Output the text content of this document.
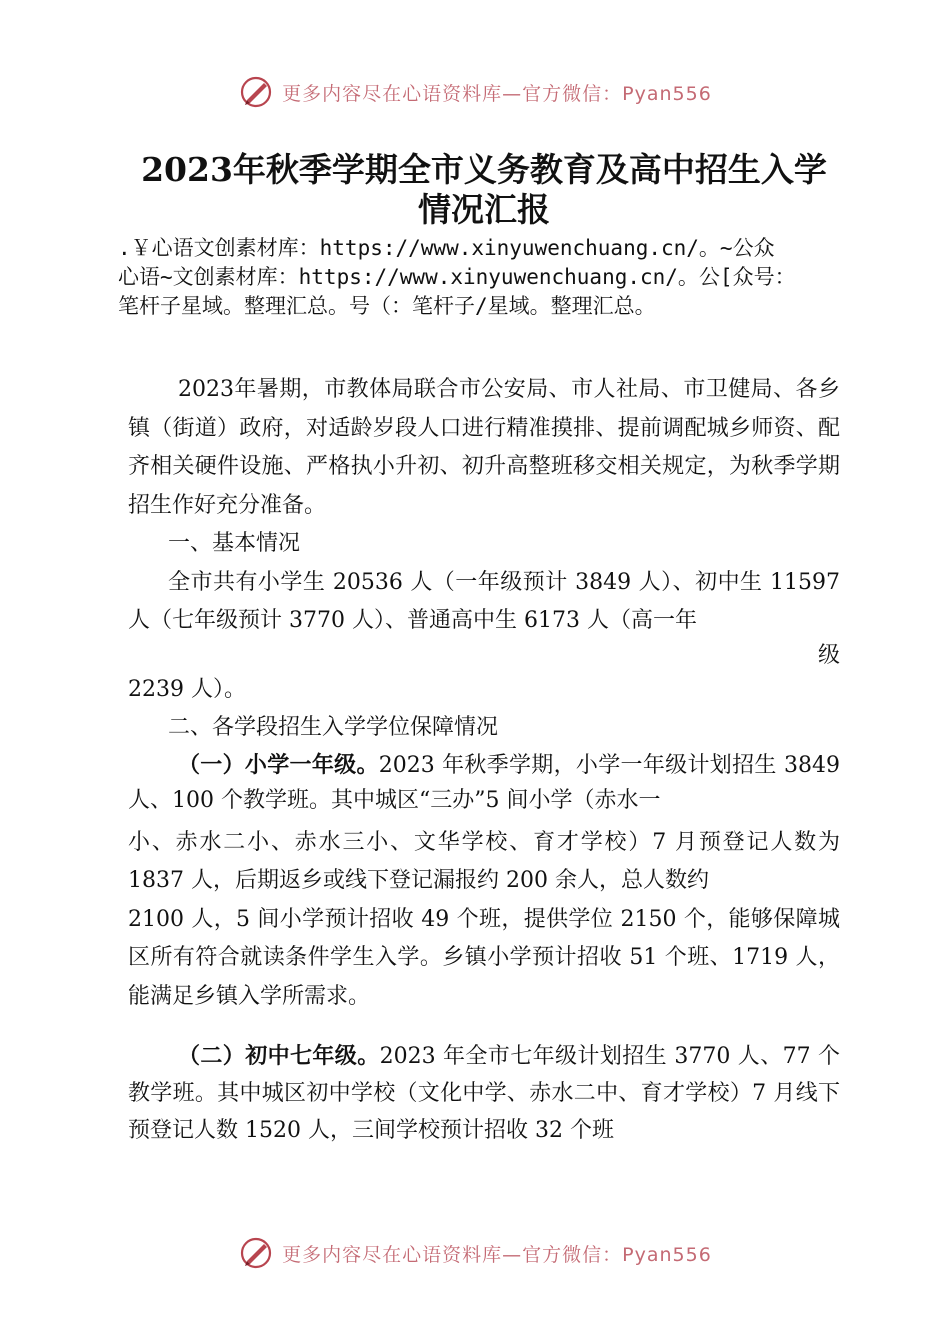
更多内容尽在心语资料库—官方微信：Pyan556
2023年秋季学期全市义务教育及高中招生入学
情况汇报
.￥心语文创素材库：https://www.xinyuwenchuang.cn/。~公众
心语~文创素材库：https://www.xinyuwenchuang.cn/。公[众号：
笔杆子星域。整理汇总。号（：笔杆子/星域。整理汇总。

2023年暑期，市教体局联合市公安局、市人社局、市卫健局、各乡镇（街道）政府，对适龄岁段人口进行精准摸排、提前调配城乡师资、配齐相关硬件设施、严格执小升初、初升高整班移交相关规定，为秋季学期招生作好充分准备。

一、基本情况

全市共有小学生 20536 人（一年级预计 3849 人）、初中生 11597 人（七年级预计 3770 人）、普通高中生 6173 人（高一年
级

2239 人）。

二、各学段招生入学学位保障情况

（一）小学一年级。2023 年秋季学期，小学一年级计划招生 3849 人、100 个教学班。其中城区“三办”5 间小学（赤水一

小、赤水二小、赤水三小、文华学校、育才学校）7 月预登记人数为 1837 人，后期返乡或线下登记漏报约 200 余人，总人数约

2100 人，5 间小学预计招收 49 个班，提供学位 2150 个，能够保障城区所有符合就读条件学生入学。乡镇小学预计招收 51 个班、1719 人，能满足乡镇入学所需求。

（二）初中七年级。2023 年全市七年级计划招生 3770 人、77 个教学班。其中城区初中学校（文化中学、赤水二中、育才学校）7 月线下预登记人数 1520 人，三间学校预计招收 32 个班

更多内容尽在心语资料库—官方微信：Pyan556
